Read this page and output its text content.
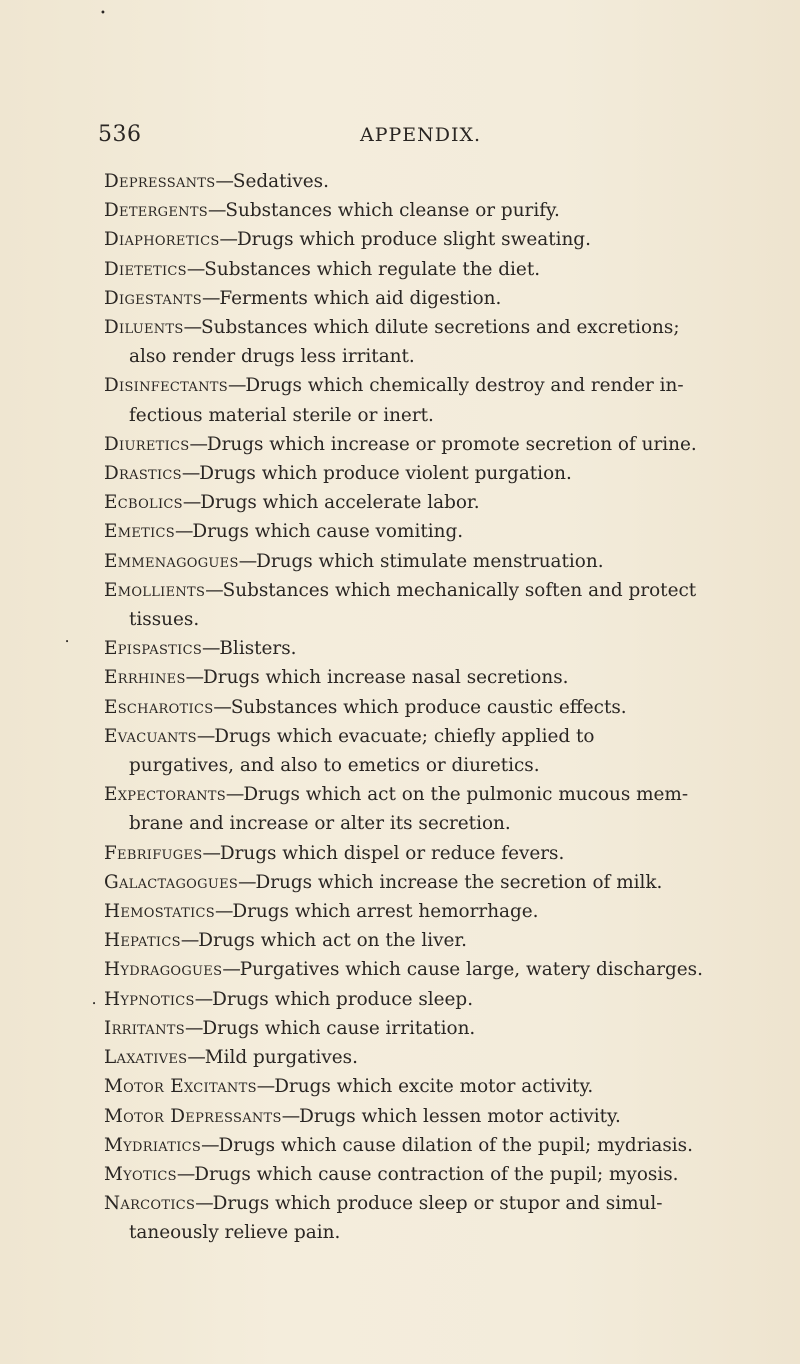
536	APPENDIX.
Depressants—Sedatives.
Detergents—Substances which cleanse or purify.
Diaphoretics—Drugs which produce slight sweating.
Dietetics—Substances which regulate the diet.
Digestants—Ferments which aid digestion.
Diluents—Substances which dilute secretions and excretions; also render drugs less irritant.
Disinfectants—Drugs which chemically destroy and render in- fectious material sterile or inert.
Diuretics—Drugs which increase or promote secretion of urine.
Drastics—Drugs which produce violent purgation.
Ecbolics—Drugs which accelerate labor.
Emetics—Drugs which cause vomiting.
Emmenagogues—Drugs which stimulate menstruation.
Emollients—Substances which mechanically soften and protect tissues.
Epispastics—Blisters.
Errhines—Drugs which increase nasal secretions.
Escharotics—Substances which produce caustic effects.
Evacuants—Drugs which evacuate; chiefly applied to purgatives, and also to emetics or diuretics.
Expectorants—Drugs which act on the pulmonic mucous mem- brane and increase or alter its secretion.
Febrifuges—Drugs which dispel or reduce fevers.
Galactagogues—Drugs which increase the secretion of milk.
Hemostatics—Drugs which arrest hemorrhage.
Hepatics—Drugs which act on the liver.
Hydragogues—Purgatives which cause large, watery discharges.
Hypnotics—Drugs which produce sleep.
Irritants—Drugs which cause irritation.
Laxatives—Mild purgatives.
Motor Excitants—Drugs which excite motor activity.
Motor Depressants—Drugs which lessen motor activity.
Mydriatics—Drugs which cause dilation of the pupil; mydriasis.
Myotics—Drugs which cause contraction of the pupil; myosis.
Narcotics—Drugs which produce sleep or stupor and simul- taneously relieve pain.
•
•
•
